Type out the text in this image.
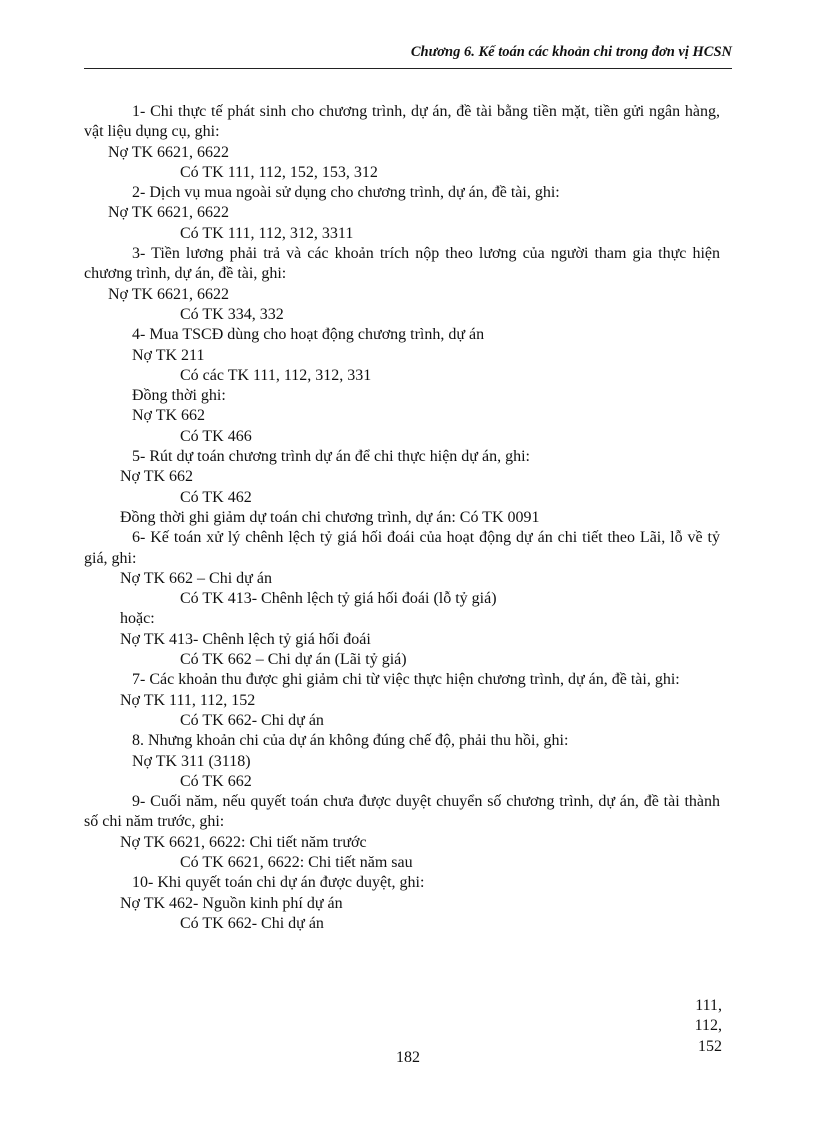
Chương 6. Kế toán các khoản chi trong đơn vị HCSN
1- Chi thực tế phát sinh cho chương trình, dự án, đề tài bằng tiền mặt, tiền gửi ngân hàng, vật liệu dụng cụ, ghi:
Nợ TK 6621, 6622
Có TK 111, 112, 152, 153, 312
2- Dịch vụ mua ngoài sử dụng cho chương trình, dự án, đề tài, ghi:
Nợ TK 6621, 6622
Có TK 111, 112, 312, 3311
3- Tiền lương phải trả và các khoản trích nộp theo lương của người tham gia thực hiện chương trình, dự án, đề tài, ghi:
Nợ TK 6621, 6622
Có TK 334, 332
4- Mua TSCĐ dùng cho hoạt động chương trình, dự án
Nợ TK 211
Có các TK 111, 112, 312, 331
Đồng thời ghi:
Nợ TK 662
Có TK 466
5- Rút dự toán chương trình dự án để chi thực hiện dự án, ghi:
Nợ TK 662
Có TK 462
Đồng thời ghi giảm dự toán chi chương trình, dự án: Có TK 0091
6- Kế toán xử lý chênh lệch tỷ giá hối đoái của hoạt động dự án chi tiết theo Lãi, lỗ về tỷ giá, ghi:
Nợ TK 662 – Chi dự án
Có TK 413- Chênh lệch tỷ giá hối đoái (lỗ tỷ giá)
hoặc:
Nợ TK 413- Chênh lệch tỷ giá hối đoái
Có TK 662 – Chi dự án (Lãi tỷ giá)
7- Các khoản thu được ghi giảm chi từ việc thực hiện chương trình, dự án, đề tài, ghi:
Nợ TK 111, 112, 152
Có TK 662- Chi dự án
8. Nhưng khoản chi của dự án không đúng chế độ, phải thu hồi, ghi:
Nợ TK 311 (3118)
Có TK 662
9- Cuối năm, nếu quyết toán chưa được duyệt chuyển số chương trình, dự án, đề tài thành số chi năm trước, ghi:
Nợ TK 6621, 6622: Chi tiết năm trước
Có TK 6621, 6622: Chi tiết năm sau
10- Khi quyết toán chi dự án được duyệt, ghi:
Nợ TK 462- Nguồn kinh phí dự án
Có TK 662- Chi dự án
111,
112,
152
182
